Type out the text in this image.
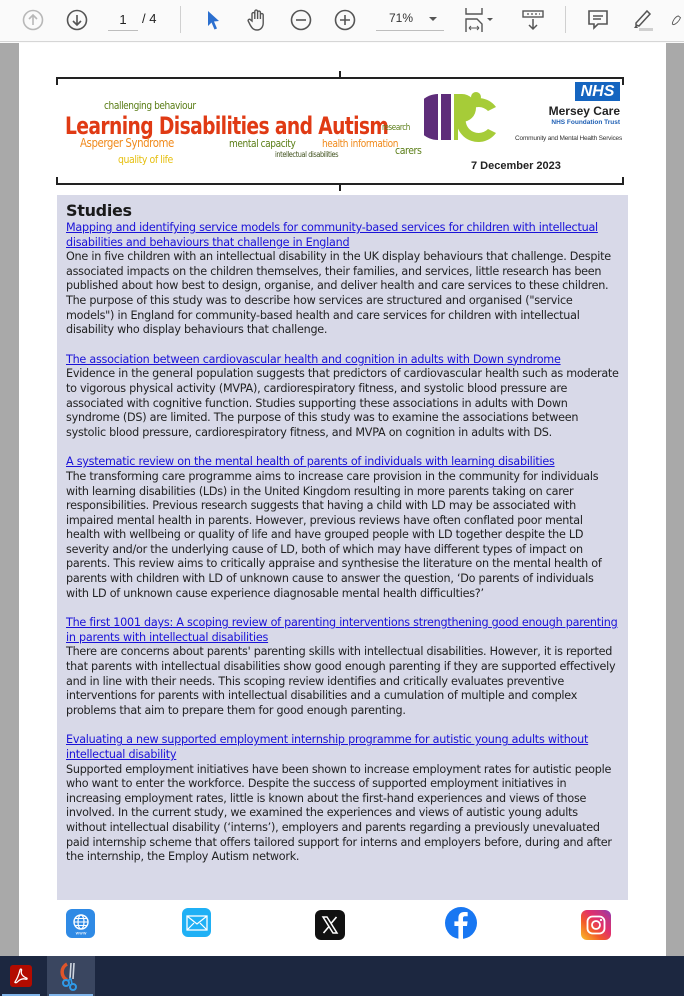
1
/ 4	71%
challenging behaviour
Learning Disabilities and Autism
Asperger Syndrome
quality of life
mental capacity health information
intellectual disabilities
research
carers
NHS
Mersey Care
NHS Foundation Trust
Community and Mental Health Services
7 December 2023
Studies
Mapping and identifying service models for community-based services for children with intellectual disabilities and behaviours that challenge in England
One in five children with an intellectual disability in the UK display behaviours that challenge. Despite associated impacts on the children themselves, their families, and services, little research has been published about how best to design, organise, and deliver health and care services to these children. The purpose of this study was to describe how services are structured and organised ("service models") in England for community-based health and care services for children with intellectual disability who display behaviours that challenge.
The association between cardiovascular health and cognition in adults with Down syndrome
Evidence in the general population suggests that predictors of cardiovascular health such as moderate to vigorous physical activity (MVPA), cardiorespiratory fitness, and systolic blood pressure are associated with cognitive function. Studies supporting these associations in adults with Down syndrome (DS) are limited. The purpose of this study was to examine the associations between systolic blood pressure, cardiorespiratory fitness, and MVPA on cognition in adults with DS.
A systematic review on the mental health of parents of individuals with learning disabilities
The transforming care programme aims to increase care provision in the community for individuals with learning disabilities (LDs) in the United Kingdom resulting in more parents taking on carer responsibilities. Previous research suggests that having a child with LD may be associated with impaired mental health in parents. However, previous reviews have often conflated poor mental health with wellbeing or quality of life and have grouped people with LD together despite the LD severity and/or the underlying cause of LD, both of which may have different types of impact on parents. This review aims to critically appraise and synthesise the literature on the mental health of parents with children with LD of unknown cause to answer the question, ‘Do parents of individuals with LD of unknown cause experience diagnosable mental health difficulties?’
The first 1001 days: A scoping review of parenting interventions strengthening good enough parenting in parents with intellectual disabilities
There are concerns about parents' parenting skills with intellectual disabilities. However, it is reported that parents with intellectual disabilities show good enough parenting if they are supported effectively and in line with their needs. This scoping review identifies and critically evaluates preventive interventions for parents with intellectual disabilities and a cumulation of multiple and complex problems that aim to prepare them for good enough parenting.
Evaluating a new supported employment internship programme for autistic young adults without intellectual disability
Supported employment initiatives have been shown to increase employment rates for autistic people who want to enter the workforce. Despite the success of supported employment initiatives in increasing employment rates, little is known about the first-hand experiences and views of those involved. In the current study, we examined the experiences and views of autistic young adults without intellectual disability (‘interns’), employers and parents regarding a previously unevaluated paid internship scheme that offers tailored support for interns and employers before, during and after the internship, the Employ Autism network.
www
